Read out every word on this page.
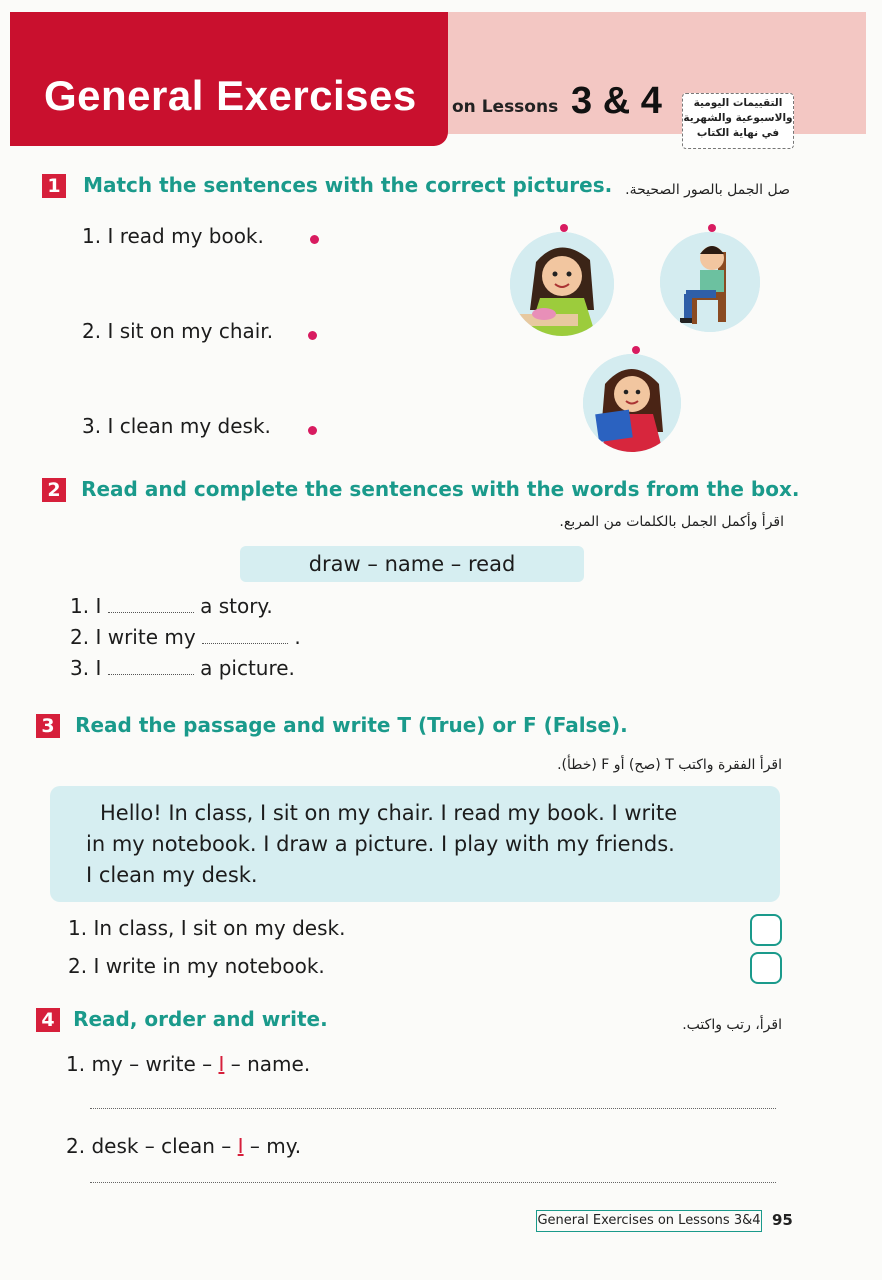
General Exercises on Lessons 3 & 4	التقييمات اليومية
والاسبوعية والشهرية
في نهاية الكتاب
1 Match the sentences with the correct pictures. صل الجمل بالصور الصحيحة.
1. I read my book.
2. I sit on my chair.
3. I clean my desk.
2 Read and complete the sentences with the words from the box.
اقرأ وأكمل الجمل بالكلمات من المربع.
draw – name – read
1. I	a story.
2. I write my	.
3. I	a picture.
3 Read the passage and write T (True) or F (False).
اقرأ الفقرة واكتب T (صح) أو F (خطأ).
Hello! In class, I sit on my chair. I read my book. I write
in my notebook. I draw a picture. I play with my friends.
I clean my desk.
1. In class, I sit on my desk.
2. I write in my notebook.
4 Read, order and write.	اقرأ، رتب واكتب.
1. my – write – I – name.
2. desk – clean – I – my.
General Exercises on Lessons 3&4 95
